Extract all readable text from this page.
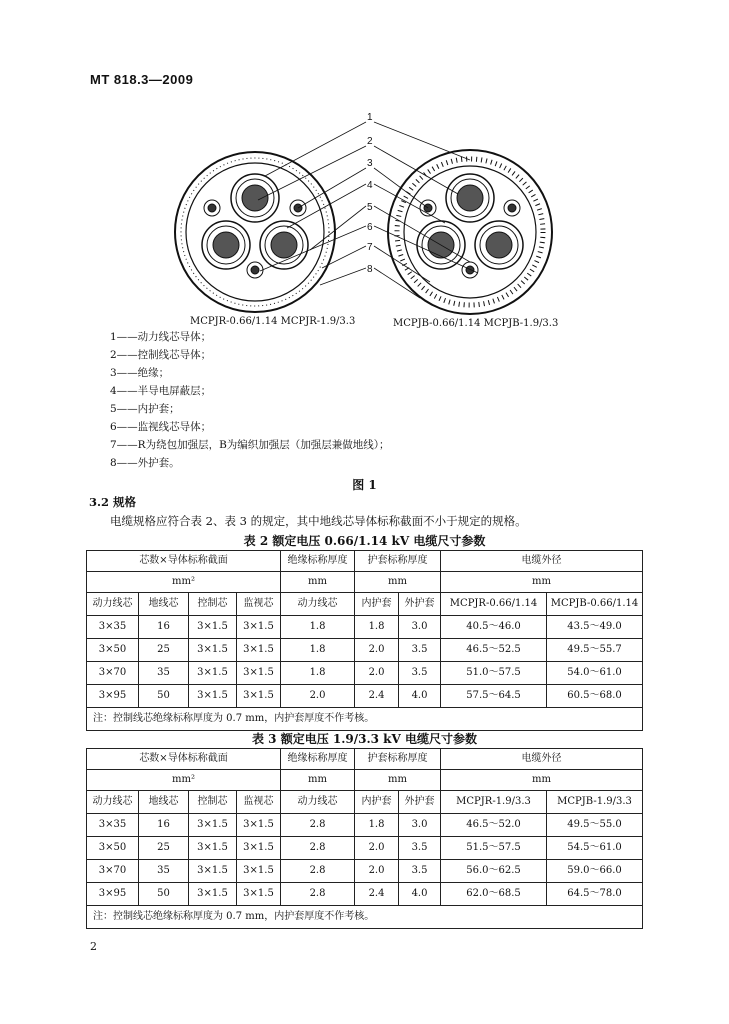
MT 818.3—2009
1
2
3
4
5
6
7
8
MCPJR-0.66/1.14 MCPJR-1.9/3.3	MCPJB-0.66/1.14 MCPJB-1.9/3.3
1——动力线芯导体；
2——控制线芯导体；
3——绝缘；
4——半导电屏蔽层；
5——内护套；
6——监视线芯导体；
7——R为绕包加强层，B为编织加强层（加强层兼做地线）；
8——外护套。
图 1
3.2 规格
电缆规格应符合表 2、表 3 的规定，其中地线芯导体标称截面不小于规定的规格。
表 2 额定电压 0.66/1.14 kV 电缆尺寸参数
芯数×导体标称截面				绝缘标称厚度	护套标称厚度		电缆外径	
mm²				mm	mm		mm	
动力线芯	地线芯	控制芯	监视芯	动力线芯	内护套	外护套	MCPJR-0.66/1.14	MCPJB-0.66/1.14
3×35	16	3×1.5	3×1.5	1.8	1.8	3.0	40.5～46.0	43.5～49.0
3×50	25	3×1.5	3×1.5	1.8	2.0	3.5	46.5～52.5	49.5～55.7
3×70	35	3×1.5	3×1.5	1.8	2.0	3.5	51.0～57.5	54.0～61.0
3×95	50	3×1.5	3×1.5	2.0	2.4	4.0	57.5～64.5	60.5～68.0
注：控制线芯绝缘标称厚度为 0.7 mm，内护套厚度不作考核。								
表 3 额定电压 1.9/3.3 kV 电缆尺寸参数
芯数×导体标称截面				绝缘标称厚度	护套标称厚度		电缆外径	
mm²				mm	mm		mm	
动力线芯	地线芯	控制芯	监视芯	动力线芯	内护套	外护套	MCPJR-1.9/3.3	MCPJB-1.9/3.3
3×35	16	3×1.5	3×1.5	2.8	1.8	3.0	46.5～52.0	49.5～55.0
3×50	25	3×1.5	3×1.5	2.8	2.0	3.5	51.5～57.5	54.5～61.0
3×70	35	3×1.5	3×1.5	2.8	2.0	3.5	56.0～62.5	59.0～66.0
3×95	50	3×1.5	3×1.5	2.8	2.4	4.0	62.0～68.5	64.5～78.0
注：控制线芯绝缘标称厚度为 0.7 mm，内护套厚度不作考核。								
2
